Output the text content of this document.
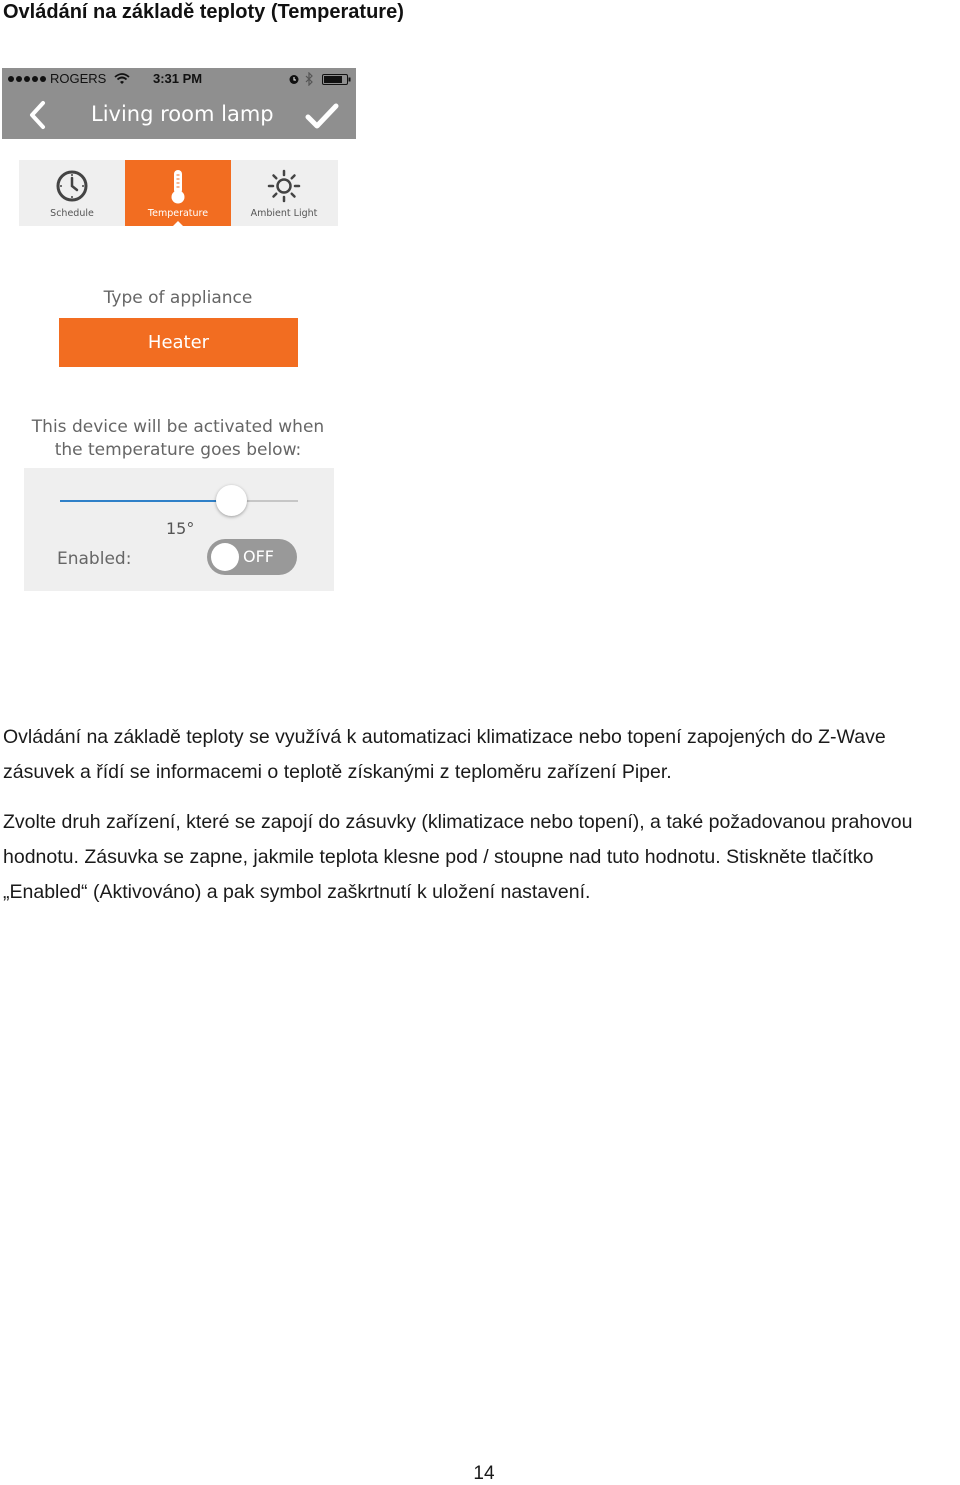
Ovládání na základě teploty (Temperature)
ROGERS	3:31 PM
Living room lamp
Schedule	Temperature	Ambient Light
Type of appliance
Heater
This device will be activated when
the temperature goes below:
15°
Enabled:	OFF
Ovládání na základě teploty se využívá k automatizaci klimatizace nebo topení zapojených do Z-Wave zásuvek a řídí se informacemi o teplotě získanými z teploměru zařízení Piper.
Zvolte druh zařízení, které se zapojí do zásuvky (klimatizace nebo topení), a také požadovanou prahovou hodnotu. Zásuvka se zapne, jakmile teplota klesne pod / stoupne nad tuto hodnotu. Stiskněte tlačítko „Enabled“ (Aktivováno) a pak symbol zaškrtnutí k uložení nastavení.
14
